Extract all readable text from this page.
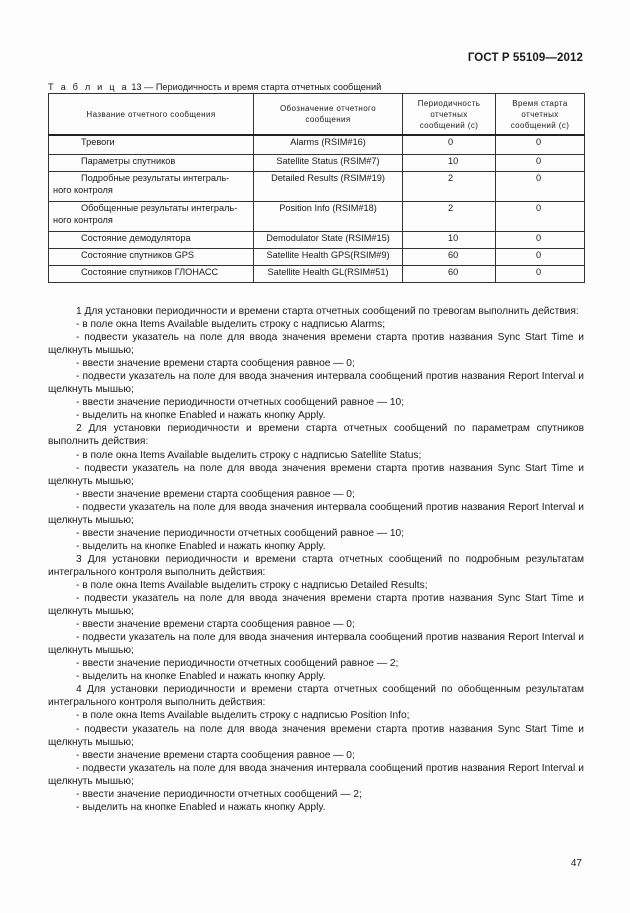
ГОСТ Р 55109—2012
Т а б л и ц а 13 — Периодичность и время старта отчетных сообщений
Название отчетного сообщения	Обозначение отчетного сообщения	Периодичность отчетных сообщений (с)	Время старта отчетных сообщений (с)

Тревоги	Alarms (RSIM#16)	0	0

Параметры спутников	Satellite Status (RSIM#7)	10	0

Подробные результаты интеграль-
ного контроля	Detailed Results (RSIM#19)	2	0

Обобщенные результаты интеграль-
ного контроля	Position Info (RSIM#18)	2	0

Состояние демодулятора	Demodulator State (RSIM#15)	10	0

Состояние спутников GPS	Satellite Health GPS(RSIM#9)	60	0

Состояние спутников ГЛОНАСС	Satellite Health GL(RSIM#51)	60	0

1 Для установки периодичности и времени старта отчетных сообщений по тревогам выполнить действия:

- в поле окна Items Available выделить строку с надписью Alarms;

- подвести указатель на поле для ввода значения времени старта против названия Sync Start Time и щелкнуть мышью;

- ввести значение времени старта сообщения равное — 0;

- подвести указатель на поле для ввода значения интервала сообщений против названия Report Interval и щелкнуть мышью;

- ввести значение периодичности отчетных сообщений равное — 10;

- выделить на кнопке Enabled и нажать кнопку Apply.

2 Для установки периодичности и времени старта отчетных сообщений по параметрам спутников выполнить действия:

- в поле окна Items Available выделить строку с надписью Satellite Status;

- подвести указатель на поле для ввода значения времени старта против названия Sync Start Time и щелкнуть мышью;

- ввести значение времени старта сообщения равное — 0;

- подвести указатель на поле для ввода значения интервала сообщений против названия Report Interval и щелкнуть мышью;

- ввести значение периодичности отчетных сообщений равное — 10;

- выделить на кнопке Enabled и нажать кнопку Apply.

3 Для установки периодичности и времени старта отчетных сообщений по подробным результатам интегрального контроля выполнить действия:

- в поле окна Items Available выделить строку с надписью Detailed Results;

- подвести указатель на поле для ввода значения времени старта против названия Sync Start Time и щелкнуть мышью;

- ввести значение времени старта сообщения равное — 0;

- подвести указатель на поле для ввода значения интервала сообщений против названия Report Interval и щелкнуть мышью;

- ввести значение периодичности отчетных сообщений равное — 2;

- выделить на кнопке Enabled и нажать кнопку Apply.

4 Для установки периодичности и времени старта отчетных сообщений по обобщенным результатам интегрального контроля выполнить действия:

- в поле окна Items Available выделить строку с надписью Position Info;

- подвести указатель на поле для ввода значения времени старта против названия Sync Start Time и щелкнуть мышью;

- ввести значение времени старта сообщения равное — 0;

- подвести указатель на поле для ввода значения интервала сообщений против названия Report Interval и щелкнуть мышью;

- ввести значение периодичности отчетных сообщений — 2;

- выделить на кнопке Enabled и нажать кнопку Apply.

47
